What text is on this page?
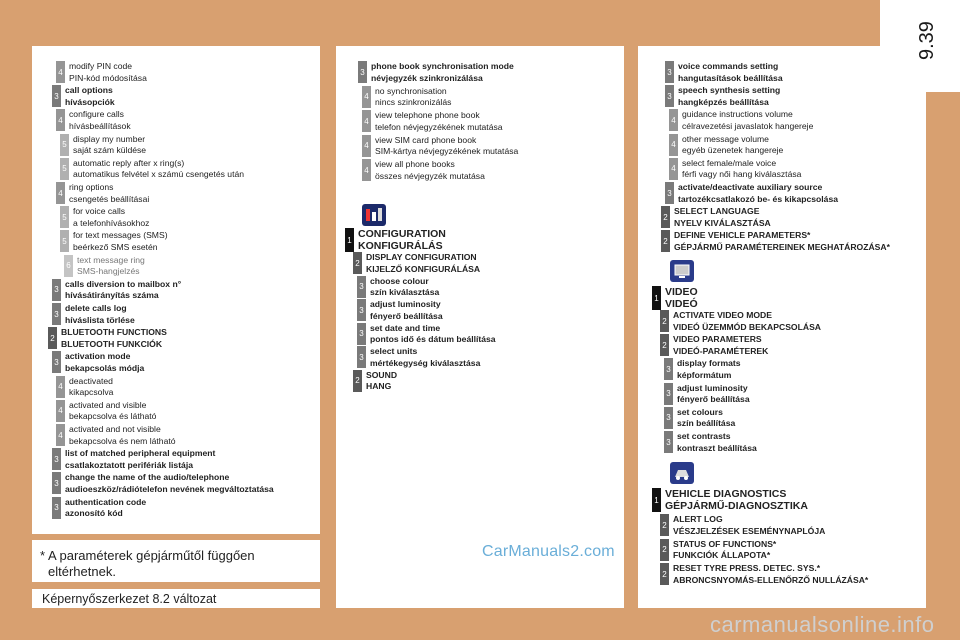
9.39
4
modify PIN code
PIN-kód módosítása
3
call options
hívásopciók
4
configure calls
hívásbeállítások
5
display my number
saját szám küldése
5
automatic reply after x ring(s)
automatikus felvétel x számú csengetés után
4
ring options
csengetés beállításai
5
for voice calls
a telefonhívásokhoz
5
for text messages (SMS)
beérkező SMS esetén
6
text message ring
SMS-hangjelzés
3
calls diversion to mailbox n°
hívásátirányítás száma
3
delete calls log
híváslista törlése
2
BLUETOOTH FUNCTIONS
BLUETOOTH FUNKCIÓK
3
activation mode
bekapcsolás módja
4
deactivated
kikapcsolva
4
activated and visible
bekapcsolva és látható
4
activated and not visible
bekapcsolva és nem látható
3
list of matched peripheral equipment
csatlakoztatott perifériák listája
3
change the name of the audio/telephone
audioeszköz/rádiótelefon nevének megváltoztatása
3
authentication code
azonosító kód
3
phone book synchronisation mode
névjegyzék szinkronizálása
4
no synchronisation
nincs szinkronizálás
4
view telephone phone book
telefon névjegyzékének mutatása
4
view SIM card phone book
SIM-kártya névjegyzékének mutatása
4
view all phone books
összes névjegyzék mutatása
1 CONFIGURATION
KONFIGURÁLÁS
2
DISPLAY CONFIGURATION
KIJELZŐ KONFIGURÁLÁSA
3
choose colour
szín kiválasztása
3
adjust luminosity
fényerő beállítása
3
set date and time
pontos idő és dátum beállítása
3
select units
mértékegység kiválasztása
2
SOUND
HANG
3
voice commands setting
hangutasítások beállítása
3
speech synthesis setting
hangképzés beállítása
4
guidance instructions volume
célravezetési javaslatok hangereje
4
other message volume
egyéb üzenetek hangereje
4
select female/male voice
férfi vagy női hang kiválasztása
3
activate/deactivate auxiliary source
tartozékcsatlakozó be- és kikapcsolása
2
SELECT LANGUAGE
NYELV KIVÁLASZTÁSA
2
DEFINE VEHICLE PARAMETERS*
GÉPJÁRMŰ PARAMÉTEREINEK MEGHATÁROZÁSA*
1 VIDEO
VIDEÓ
2
ACTIVATE VIDEO MODE
VIDEÓ ÜZEMMÓD BEKAPCSOLÁSA
2
VIDEO PARAMETERS
VIDEÓ-PARAMÉTEREK
3
display formats
képformátum
3
adjust luminosity
fényerő beállítása
3
set colours
szín beállítása
3
set contrasts
kontraszt beállítása
1 VEHICLE DIAGNOSTICS
GÉPJÁRMŰ-DIAGNOSZTIKA
2
ALERT LOG
VÉSZJELZÉSEK ESEMÉNYNAPLÓJA
2
STATUS OF FUNCTIONS*
FUNKCIÓK ÁLLAPOTA*
2
RESET TYRE PRESS. DETEC. SYS.*
ABRONCSNYOMÁS-ELLENŐRZŐ NULLÁZÁSA*
* A paraméterek gépjárműtől függően
eltérhetnek.
Képernyőszerkezet 8.2 változat
CarManuals2.com
carmanualsonline.info
